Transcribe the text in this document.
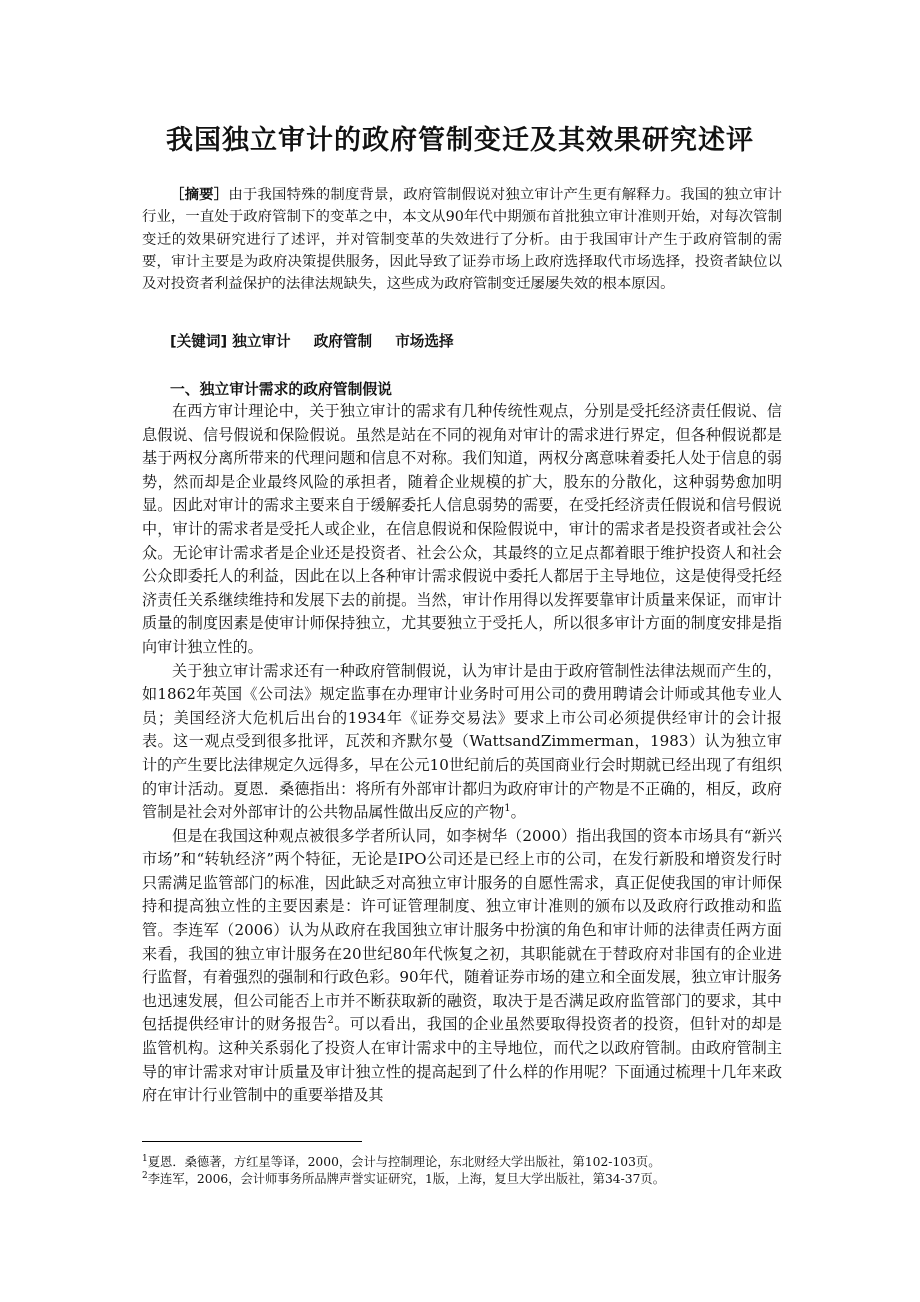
我国独立审计的政府管制变迁及其效果研究述评

［摘要］由于我国特殊的制度背景，政府管制假说对独立审计产生更有解释力。我国的独立审计行业，一直处于政府管制下的变革之中，本文从90年代中期颁布首批独立审计准则开始，对每次管制变迁的效果研究进行了述评，并对管制变革的失效进行了分析。由于我国审计产生于政府管制的需要，审计主要是为政府决策提供服务，因此导致了证券市场上政府选择取代市场选择，投资者缺位以及对投资者利益保护的法律法规缺失，这些成为政府管制变迁屡屡失效的根本原因。

[关键词] 独立审计 政府管制 市场选择

一、独立审计需求的政府管制假说

在西方审计理论中，关于独立审计的需求有几种传统性观点，分别是受托经济责任假说、信息假说、信号假说和保险假说。虽然是站在不同的视角对审计的需求进行界定，但各种假说都是基于两权分离所带来的代理问题和信息不对称。我们知道，两权分离意味着委托人处于信息的弱势，然而却是企业最终风险的承担者，随着企业规模的扩大，股东的分散化，这种弱势愈加明显。因此对审计的需求主要来自于缓解委托人信息弱势的需要，在受托经济责任假说和信号假说中，审计的需求者是受托人或企业，在信息假说和保险假说中，审计的需求者是投资者或社会公众。无论审计需求者是企业还是投资者、社会公众，其最终的立足点都着眼于维护投资人和社会公众即委托人的利益，因此在以上各种审计需求假说中委托人都居于主导地位，这是使得受托经济责任关系继续维持和发展下去的前提。当然，审计作用得以发挥要靠审计质量来保证，而审计质量的制度因素是使审计师保持独立，尤其要独立于受托人，所以很多审计方面的制度安排是指向审计独立性的。

关于独立审计需求还有一种政府管制假说，认为审计是由于政府管制性法律法规而产生的，如1862年英国《公司法》规定监事在办理审计业务时可用公司的费用聘请会计师或其他专业人员；美国经济大危机后出台的1934年《证券交易法》要求上市公司必须提供经审计的会计报表。这一观点受到很多批评，瓦茨和齐默尔曼（WattsandZimmerman，1983）认为独立审计的产生要比法律规定久远得多，早在公元10世纪前后的英国商业行会时期就已经出现了有组织的审计活动。夏恩．桑德指出：将所有外部审计都归为政府审计的产物是不正确的，相反，政府管制是社会对外部审计的公共物品属性做出反应的产物$^1$。

但是在我国这种观点被很多学者所认同，如李树华（2000）指出我国的资本市场具有“新兴市场”和“转轨经济”两个特征，无论是IPO公司还是已经上市的公司，在发行新股和增资发行时只需满足监管部门的标准，因此缺乏对高独立审计服务的自愿性需求，真正促使我国的审计师保持和提高独立性的主要因素是：许可证管理制度、独立审计准则的颁布以及政府行政推动和监管。李连军（2006）认为从政府在我国独立审计服务中扮演的角色和审计师的法律责任两方面来看，我国的独立审计服务在20世纪80年代恢复之初，其职能就在于替政府对非国有的企业进行监督，有着强烈的强制和行政色彩。90年代，随着证券市场的建立和全面发展，独立审计服务也迅速发展，但公司能否上市并不断获取新的融资，取决于是否满足政府监管部门的要求，其中包括提供经审计的财务报告$^2$。可以看出，我国的企业虽然要取得投资者的投资，但针对的却是监管机构。这种关系弱化了投资人在审计需求中的主导地位，而代之以政府管制。由政府管制主导的审计需求对审计质量及审计独立性的提高起到了什么样的作用呢？下面通过梳理十几年来政府在审计行业管制中的重要举措及其

$^1$夏恩．桑德著，方红星等译，2000，会计与控制理论，东北财经大学出版社，第102-103页。

$^2$李连军，2006，会计师事务所品牌声誉实证研究，1版，上海，复旦大学出版社，第34-37页。
